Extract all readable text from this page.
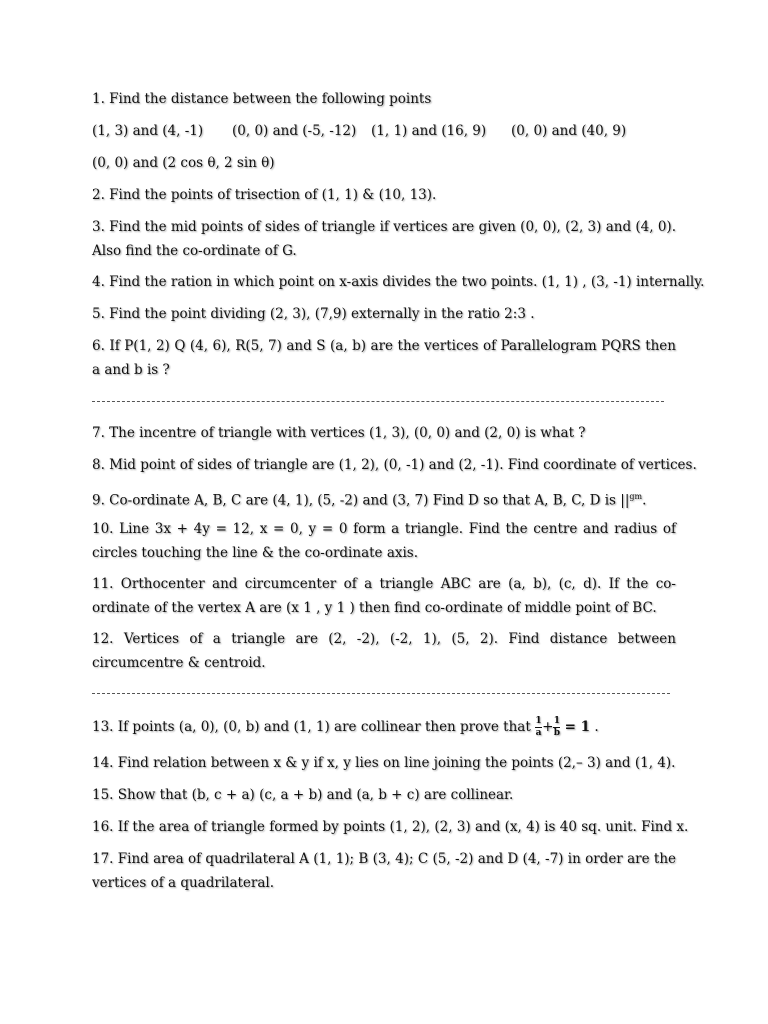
1. Find the distance between the following points
(1, 3) and (4, -1) (0, 0) and (-5, -12) (1, 1) and (16, 9) (0, 0) and (40, 9)
(0, 0) and (2 cos θ, 2 sin θ)
2. Find the points of trisection of (1, 1) & (10, 13).
3. Find the mid points of sides of triangle if vertices are given (0, 0), (2, 3) and (4, 0). Also find the co-ordinate of G.
4. Find the ration in which point on x-axis divides the two points. (1, 1) , (3, -1) internally.
5. Find the point dividing (2, 3), (7,9) externally in the ratio 2:3 .
6. If P(1, 2) Q (4, 6), R(5, 7) and S (a, b) are the vertices of Parallelogram PQRS then a and b is ?
7. The incentre of triangle with vertices (1, 3), (0, 0) and (2, 0) is what ?
8. Mid point of sides of triangle are (1, 2), (0, -1) and (2, -1). Find coordinate of vertices.
9. Co-ordinate A, B, C are (4, 1), (5, -2) and (3, 7) Find D so that A, B, C, D is $||^{gm}$.
10. Line 3x + 4y = 12, x = 0, y = 0 form a triangle. Find the centre and radius of circles touching the line & the co-ordinate axis.
11. Orthocenter and circumcenter of a triangle ABC are (a, b), (c, d). If the co-ordinate of the vertex A are (x 1 , y 1 ) then find co-ordinate of middle point of BC.
12. Vertices of a triangle are (2, -2), (-2, 1), (5, 2). Find distance between circumcentre & centroid.
13. If points (a, 0), (0, b) and (1, 1) are collinear then prove that $\frac{1}{a} + \frac{1}{b} = 1$ .
14. Find relation between x & y if x, y lies on line joining the points (2,– 3) and (1, 4).
15. Show that (b, c + a) (c, a + b) and (a, b + c) are collinear.
16. If the area of triangle formed by points (1, 2), (2, 3) and (x, 4) is 40 sq. unit. Find x.
17. Find area of quadrilateral A (1, 1); B (3, 4); C (5, -2) and D (4, -7) in order are the vertices of a quadrilateral.
